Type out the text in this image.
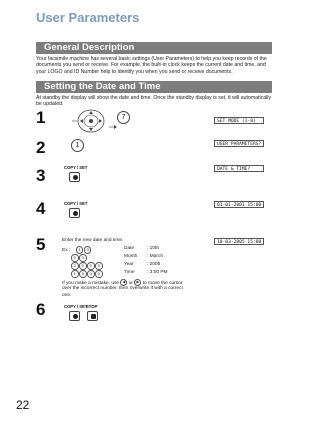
User Parameters
General Description
Your facsimile machine has several basic settings (User Parameters) to help you keep records of the documents you send or receive. For example, the built-in clock keeps the current date and time, and your LOGO and ID Number help to identify you when you send or receive documents.
Setting the Date and Time
At standby the display will show the date and time. Once the standby display is set, it will automatically be updated.
1	7
SET MODE (1-8)
2	1	USER PARAMETERS?
3	COPY / SET	DATE & TIME?
4	COPY / SET	01-01-2001 15:00
5	Enter the new date and time.	10-03-2005 15:00
Ex : 1 0	Date	: 10th
0 3	Month : March
2 0 0 5	Year	: 2005
1 5 0 0	Time	: 3:00 PM
If you make a mistake, use ◀ or ▶ to move the cursor
over the incorrect number, then overwrite it with a correct
one.
6	COPY / SET
STOP
22
